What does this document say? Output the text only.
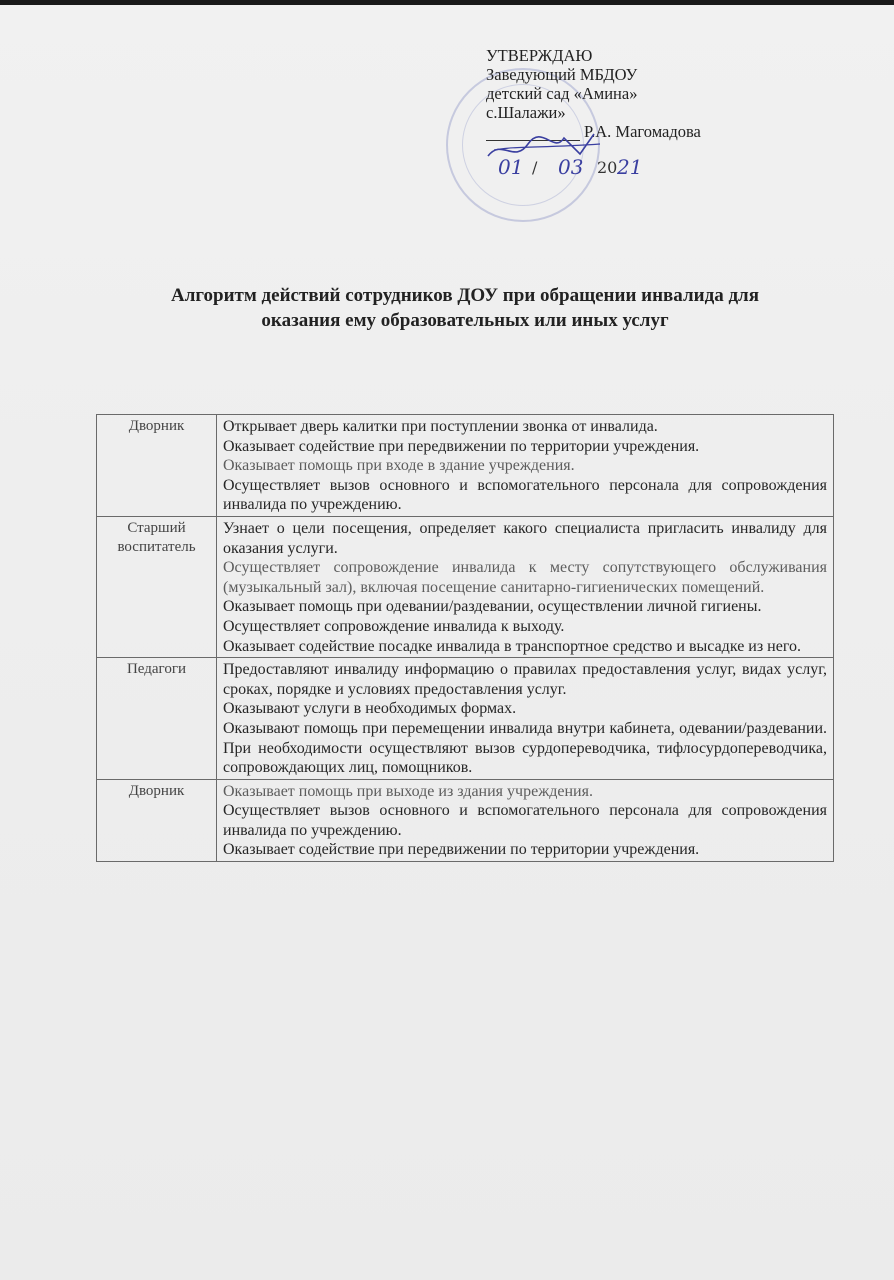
УТВЕРЖДАЮ
Заведующий МБДОУ
детский сад «Амина»
с.Шалажи»
Р.А. Магомадова
01 / 03 20 21
Алгоритм действий сотрудников ДОУ при обращении инвалида для
оказания ему образовательных или иных услуг
Дворник	Открывает дверь калитки при поступлении звонка от инвалида.

Оказывает содействие при передвижении по территории учреждения.

Оказывает помощь при входе в здание учреждения.

Осуществляет вызов основного и вспомогательного персонала для сопровождения инвалида по учреждению.

Старший воспитатель	Узнает о цели посещения, определяет какого специалиста пригласить инвалиду для оказания услуги.

Осуществляет сопровождение инвалида к месту сопутствующего обслуживания (музыкальный зал), включая посещение санитарно-гигиенических помещений.

Оказывает помощь при одевании/раздевании, осуществлении личной гигиены.

Осуществляет сопровождение инвалида к выходу.

Оказывает содействие посадке инвалида в транспортное средство и высадке из него.

Педагоги	Предоставляют инвалиду информацию о правилах предоставления услуг, видах услуг, сроках, порядке и условиях предоставления услуг.

Оказывают услуги в необходимых формах.

Оказывают помощь при перемещении инвалида внутри кабинета, одевании/раздевании. При необходимости осуществляют вызов сурдопереводчика, тифлосурдопереводчика, сопровождающих лиц, помощников.

Дворник	Оказывает помощь при выходе из здания учреждения.

Осуществляет вызов основного и вспомогательного персонала для сопровождения инвалида по учреждению.

Оказывает содействие при передвижении по территории учреждения.
